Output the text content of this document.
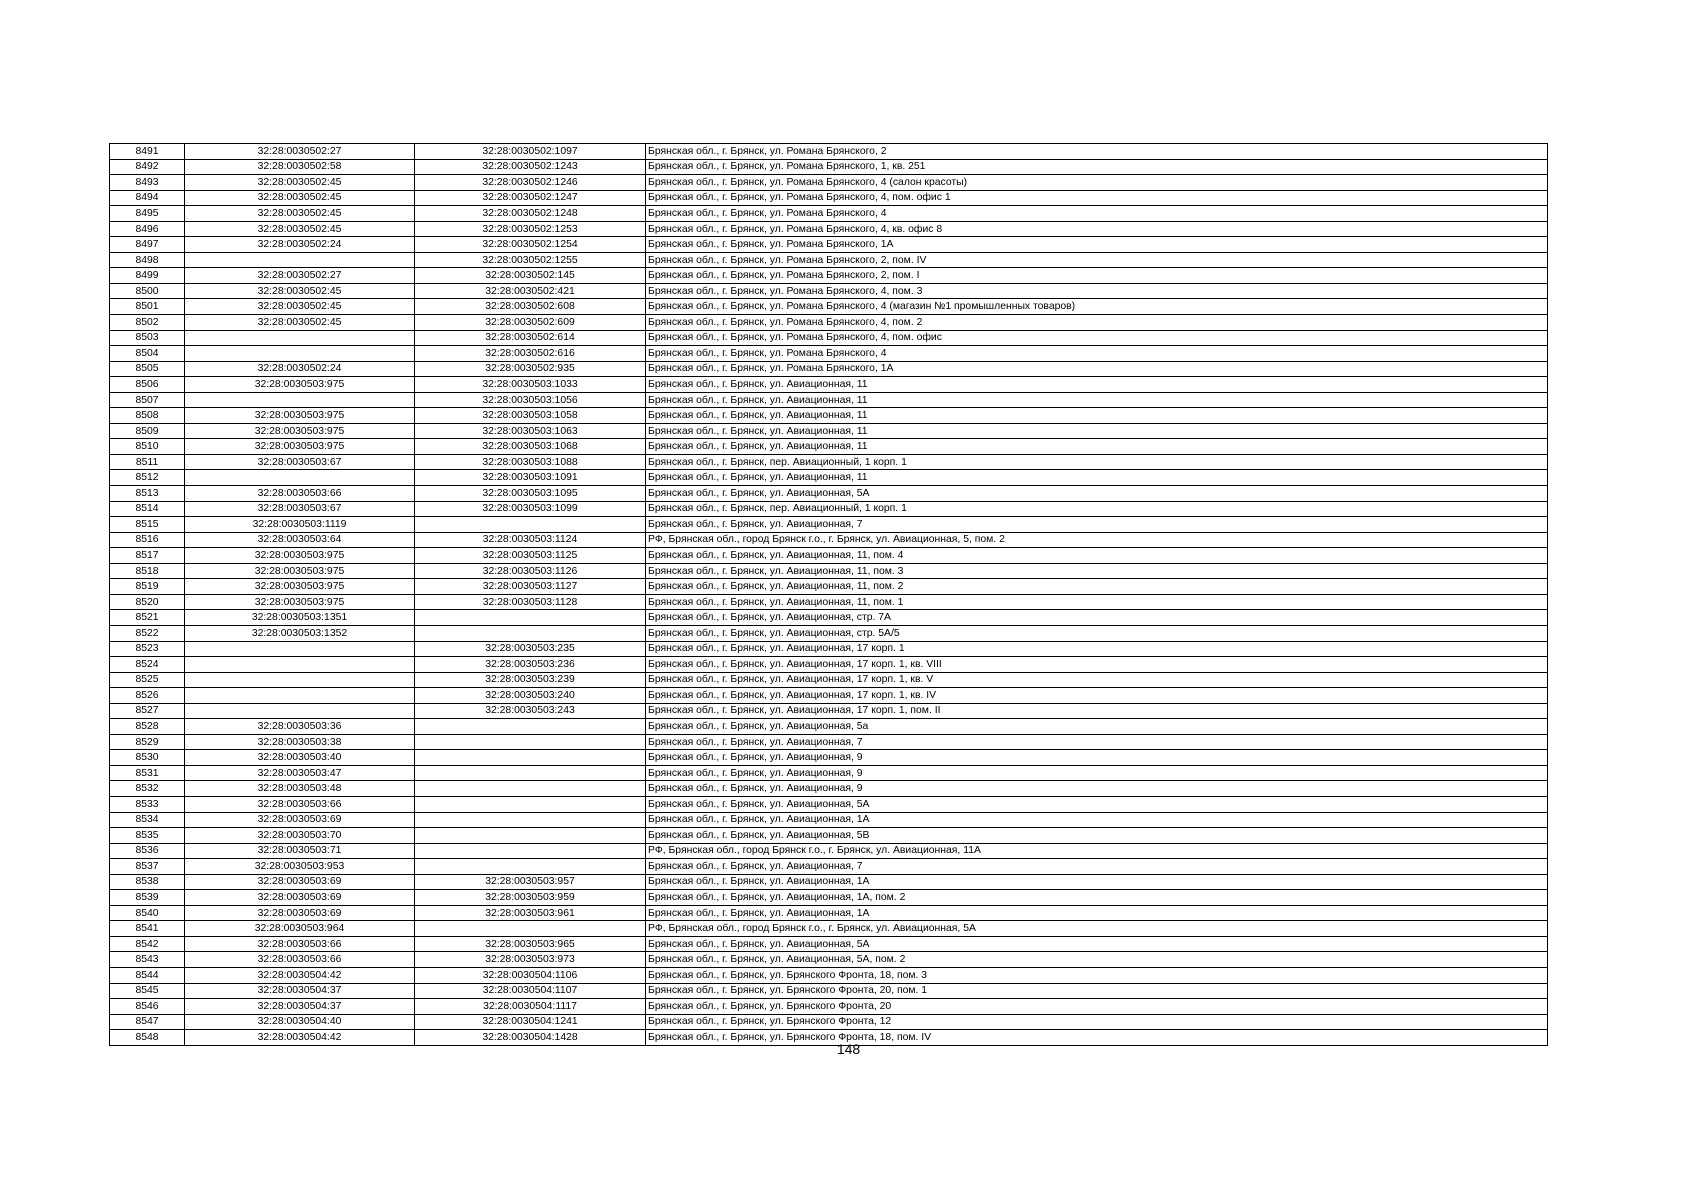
8491	32:28:0030502:27	32:28:0030502:1097	Брянская обл., г. Брянск, ул. Романа Брянского, 2
8492	32:28:0030502:58	32:28:0030502:1243	Брянская обл., г. Брянск, ул. Романа Брянского, 1, кв. 251
8493	32:28:0030502:45	32:28:0030502:1246	Брянская обл., г. Брянск, ул. Романа Брянского, 4 (салон красоты)
8494	32:28:0030502:45	32:28:0030502:1247	Брянская обл., г. Брянск, ул. Романа Брянского, 4, пом. офис 1
8495	32:28:0030502:45	32:28:0030502:1248	Брянская обл., г. Брянск, ул. Романа Брянского, 4
8496	32:28:0030502:45	32:28:0030502:1253	Брянская обл., г. Брянск, ул. Романа Брянского, 4, кв. офис 8
8497	32:28:0030502:24	32:28:0030502:1254	Брянская обл., г. Брянск, ул. Романа Брянского, 1А
8498		32:28:0030502:1255	Брянская обл., г. Брянск, ул. Романа Брянского, 2, пом. IV
8499	32:28:0030502:27	32:28:0030502:145	Брянская обл., г. Брянск, ул. Романа Брянского, 2, пом. I
8500	32:28:0030502:45	32:28:0030502:421	Брянская обл., г. Брянск, ул. Романа Брянского, 4, пом. 3
8501	32:28:0030502:45	32:28:0030502:608	Брянская обл., г. Брянск, ул. Романа Брянского, 4 (магазин №1 промышленных товаров)
8502	32:28:0030502:45	32:28:0030502:609	Брянская обл., г. Брянск, ул. Романа Брянского, 4, пом. 2
8503		32:28:0030502:614	Брянская обл., г. Брянск, ул. Романа Брянского, 4, пом. офис
8504		32:28:0030502:616	Брянская обл., г. Брянск, ул. Романа Брянского, 4
8505	32:28:0030502:24	32:28:0030502:935	Брянская обл., г. Брянск, ул. Романа Брянского, 1А
8506	32:28:0030503:975	32:28:0030503:1033	Брянская обл., г. Брянск, ул. Авиационная, 11
8507		32:28:0030503:1056	Брянская обл., г. Брянск, ул. Авиационная, 11
8508	32:28:0030503:975	32:28:0030503:1058	Брянская обл., г. Брянск, ул. Авиационная, 11
8509	32:28:0030503:975	32:28:0030503:1063	Брянская обл., г. Брянск, ул. Авиационная, 11
8510	32:28:0030503:975	32:28:0030503:1068	Брянская обл., г. Брянск, ул. Авиационная, 11
8511	32:28:0030503:67	32:28:0030503:1088	Брянская обл., г. Брянск, пер. Авиационный, 1 корп. 1
8512		32:28:0030503:1091	Брянская обл., г. Брянск, ул. Авиационная, 11
8513	32:28:0030503:66	32:28:0030503:1095	Брянская обл., г. Брянск, ул. Авиационная, 5А
8514	32:28:0030503:67	32:28:0030503:1099	Брянская обл., г. Брянск, пер. Авиационный, 1 корп. 1
8515	32:28:0030503:1119		Брянская обл., г. Брянск, ул. Авиационная, 7
8516	32:28:0030503:64	32:28:0030503:1124	РФ, Брянская обл., город Брянск г.о., г. Брянск, ул. Авиационная, 5, пом. 2
8517	32:28:0030503:975	32:28:0030503:1125	Брянская обл., г. Брянск, ул. Авиационная, 11, пом. 4
8518	32:28:0030503:975	32:28:0030503:1126	Брянская обл., г. Брянск, ул. Авиационная, 11, пом. 3
8519	32:28:0030503:975	32:28:0030503:1127	Брянская обл., г. Брянск, ул. Авиационная, 11, пом. 2
8520	32:28:0030503:975	32:28:0030503:1128	Брянская обл., г. Брянск, ул. Авиационная, 11, пом. 1
8521	32:28:0030503:1351		Брянская обл., г. Брянск, ул. Авиационная, стр. 7А
8522	32:28:0030503:1352		Брянская обл., г. Брянск, ул. Авиационная, стр. 5А/5
8523		32:28:0030503:235	Брянская обл., г. Брянск, ул. Авиационная, 17 корп. 1
8524		32:28:0030503:236	Брянская обл., г. Брянск, ул. Авиационная, 17 корп. 1, кв. VIII
8525		32:28:0030503:239	Брянская обл., г. Брянск, ул. Авиационная, 17 корп. 1, кв. V
8526		32:28:0030503:240	Брянская обл., г. Брянск, ул. Авиационная, 17 корп. 1, кв. IV
8527		32:28:0030503:243	Брянская обл., г. Брянск, ул. Авиационная, 17 корп. 1, пом. II
8528	32:28:0030503:36		Брянская обл., г. Брянск, ул. Авиационная, 5а
8529	32:28:0030503:38		Брянская обл., г. Брянск, ул. Авиационная, 7
8530	32:28:0030503:40		Брянская обл., г. Брянск, ул. Авиационная, 9
8531	32:28:0030503:47		Брянская обл., г. Брянск, ул. Авиационная, 9
8532	32:28:0030503:48		Брянская обл., г. Брянск, ул. Авиационная, 9
8533	32:28:0030503:66		Брянская обл., г. Брянск, ул. Авиационная, 5А
8534	32:28:0030503:69		Брянская обл., г. Брянск, ул. Авиационная, 1А
8535	32:28:0030503:70		Брянская обл., г. Брянск, ул. Авиационная, 5В
8536	32:28:0030503:71		РФ, Брянская обл., город Брянск г.о., г. Брянск, ул. Авиационная, 11А
8537	32:28:0030503:953		Брянская обл., г. Брянск, ул. Авиационная, 7
8538	32:28:0030503:69	32:28:0030503:957	Брянская обл., г. Брянск, ул. Авиационная, 1А
8539	32:28:0030503:69	32:28:0030503:959	Брянская обл., г. Брянск, ул. Авиационная, 1А, пом. 2
8540	32:28:0030503:69	32:28:0030503:961	Брянская обл., г. Брянск, ул. Авиационная, 1А
8541	32:28:0030503:964		РФ, Брянская обл., город Брянск г.о., г. Брянск, ул. Авиационная, 5А
8542	32:28:0030503:66	32:28:0030503:965	Брянская обл., г. Брянск, ул. Авиационная, 5А
8543	32:28:0030503:66	32:28:0030503:973	Брянская обл., г. Брянск, ул. Авиационная, 5А, пом. 2
8544	32:28:0030504:42	32:28:0030504:1106	Брянская обл., г. Брянск, ул. Брянского Фронта, 18, пом. 3
8545	32:28:0030504:37	32:28:0030504:1107	Брянская обл., г. Брянск, ул. Брянского Фронта, 20, пом. 1
8546	32:28:0030504:37	32:28:0030504:1117	Брянская обл., г. Брянск, ул. Брянского Фронта, 20
8547	32:28:0030504:40	32:28:0030504:1241	Брянская обл., г. Брянск, ул. Брянского Фронта, 12
8548	32:28:0030504:42	32:28:0030504:1428	Брянская обл., г. Брянск, ул. Брянского Фронта, 18, пом. IV
148
